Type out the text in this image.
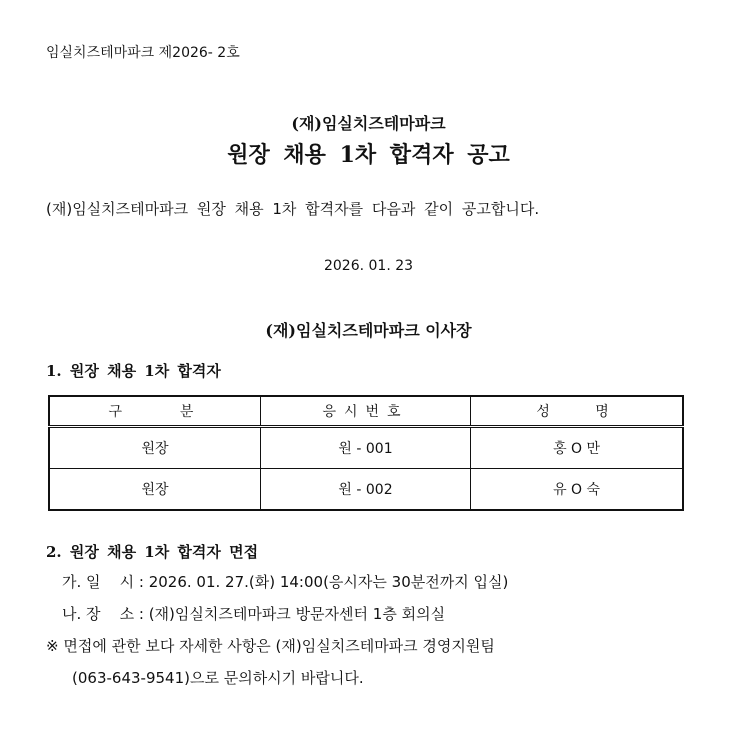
임실치즈테마파크 제2026- 2호
(재)임실치즈테마파크
원장 채용 1차 합격자 공고
(재)임실치즈테마파크 원장 채용 1차 합격자를 다음과 같이 공고합니다.
2026. 01. 23
(재)임실치즈테마파크 이사장
1. 원장 채용 1차 합격자
구    분	응시번호	성   명
원장	원 - 001	홍 O 만
원장	원 - 002	유 O 숙
2. 원장 채용 1차 합격자 면접
가. 일    시 : 2026. 01. 27.(화) 14:00(응시자는 30분전까지 입실)
나. 장    소 : (재)임실치즈테마파크 방문자센터 1층 회의실
※ 면접에 관한 보다 자세한 사항은 (재)임실치즈테마파크 경영지원팀
(063-643-9541)으로 문의하시기 바랍니다.
